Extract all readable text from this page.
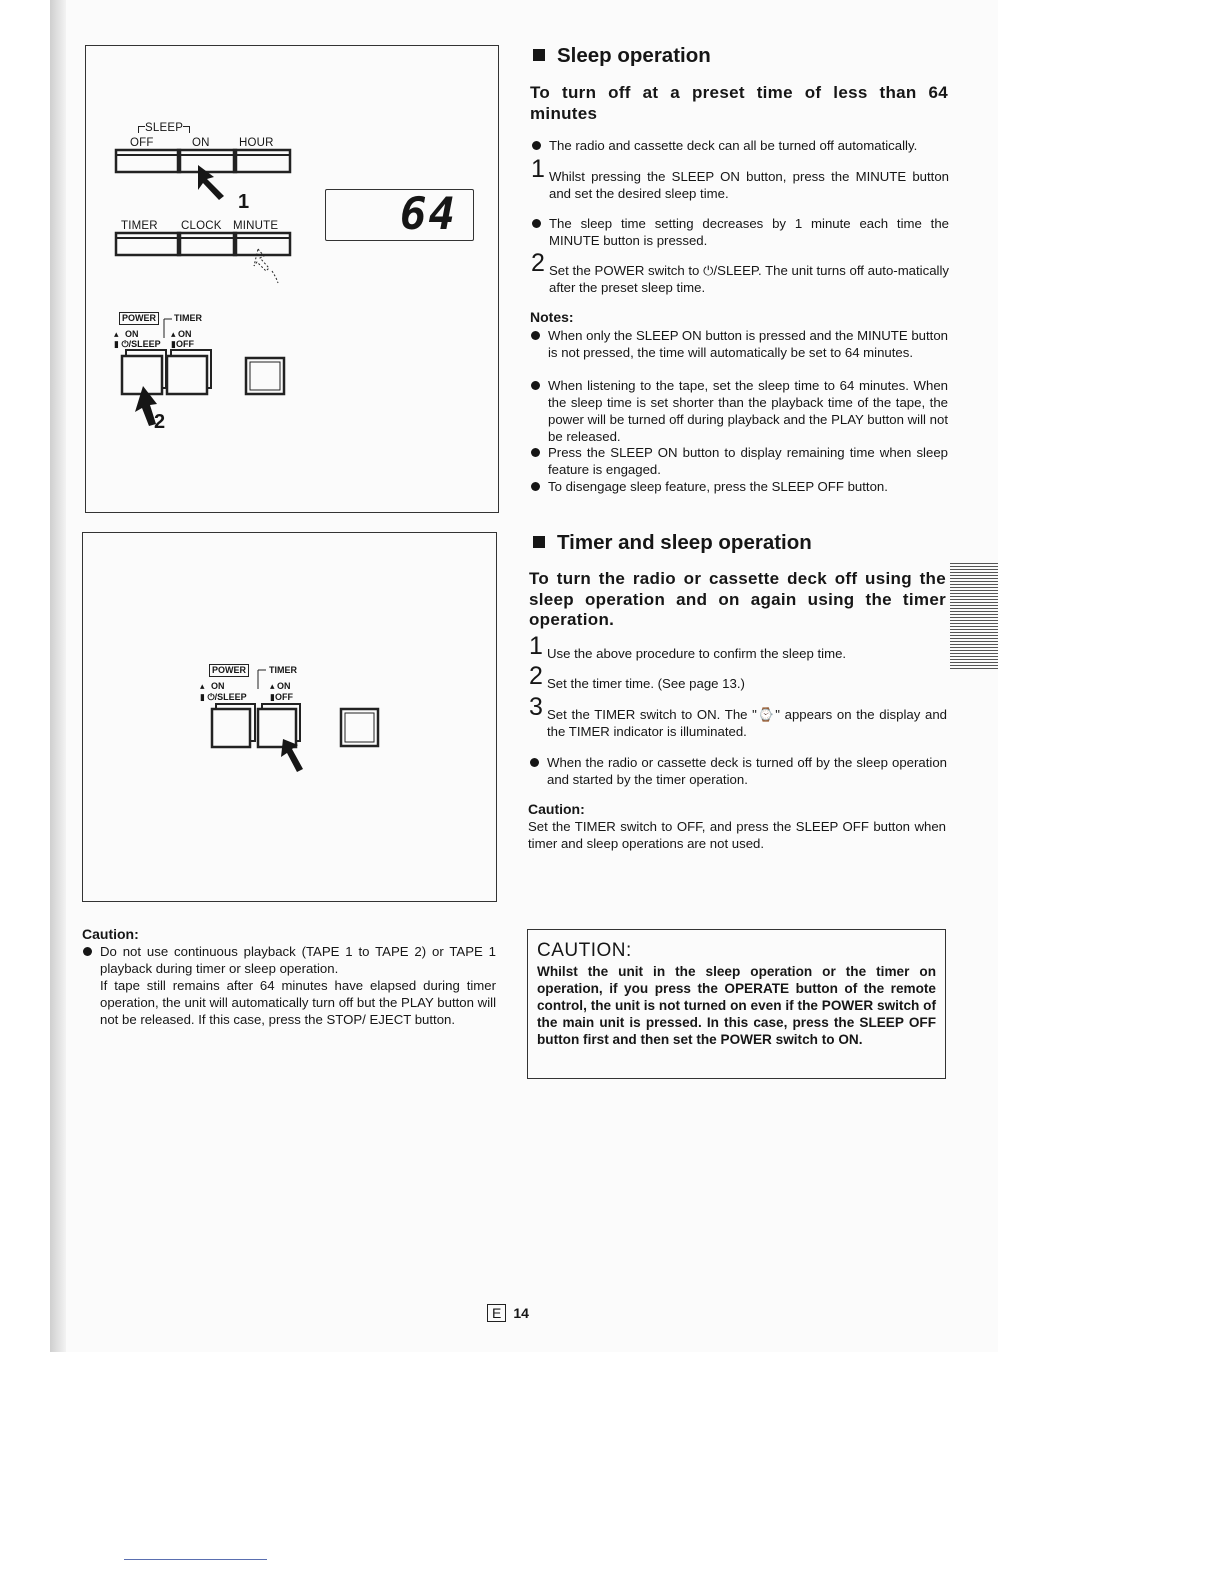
SLEEP
OFF	ON	HOUR
1
TIMER CLOCK MINUTE
POWER	TIMER
▴ ON	▴ ON
▮ ⏻/SLEEP ▮OFF
2
64
POWER	TIMER
▴ ON	▴ ON
▮ ⏻/SLEEP	▮OFF
Caution:
Do not use continuous playback (TAPE 1 to TAPE 2) or TAPE 1 playback during timer or sleep operation.
If tape still remains after 64 minutes have elapsed during timer operation, the unit will automatically turn off but the PLAY button will not be released. If this case, press the STOP/ EJECT button.
Sleep operation
To turn off at a preset time of less than 64 minutes
The radio and cassette deck can all be turned off automatically.
1 Whilst pressing the SLEEP ON button, press the MINUTE button and set the desired sleep time.
The sleep time setting decreases by 1 minute each time the MINUTE button is pressed.
2 Set the POWER switch to ⏻/SLEEP. The unit turns off auto-matically after the preset sleep time.
Notes:
When only the SLEEP ON button is pressed and the MINUTE button is not pressed, the time will automatically be set to 64 minutes.
When listening to the tape, set the sleep time to 64 minutes. When the sleep time is set shorter than the playback time of the tape, the power will be turned off during playback and the PLAY button will not be released.
Press the SLEEP ON button to display remaining time when sleep feature is engaged.
To disengage sleep feature, press the SLEEP OFF button.
Timer and sleep operation
To turn the radio or cassette deck off using the sleep operation and on again using the timer operation.
1 Use the above procedure to confirm the sleep time.
2 Set the timer time. (See page 13.)
3 Set the TIMER switch to ON. The "⌚" appears on the display and the TIMER indicator is illuminated.
When the radio or cassette deck is turned off by the sleep operation and started by the timer operation.
Caution:
Set the TIMER switch to OFF, and press the SLEEP OFF button when timer and sleep operations are not used.
CAUTION:
Whilst the unit in the sleep operation or the timer on operation, if you press the OPERATE button of the remote control, the unit is not turned on even if the POWER switch of the main unit is pressed. In this case, press the SLEEP OFF button first and then set the POWER switch to ON.
E 14
